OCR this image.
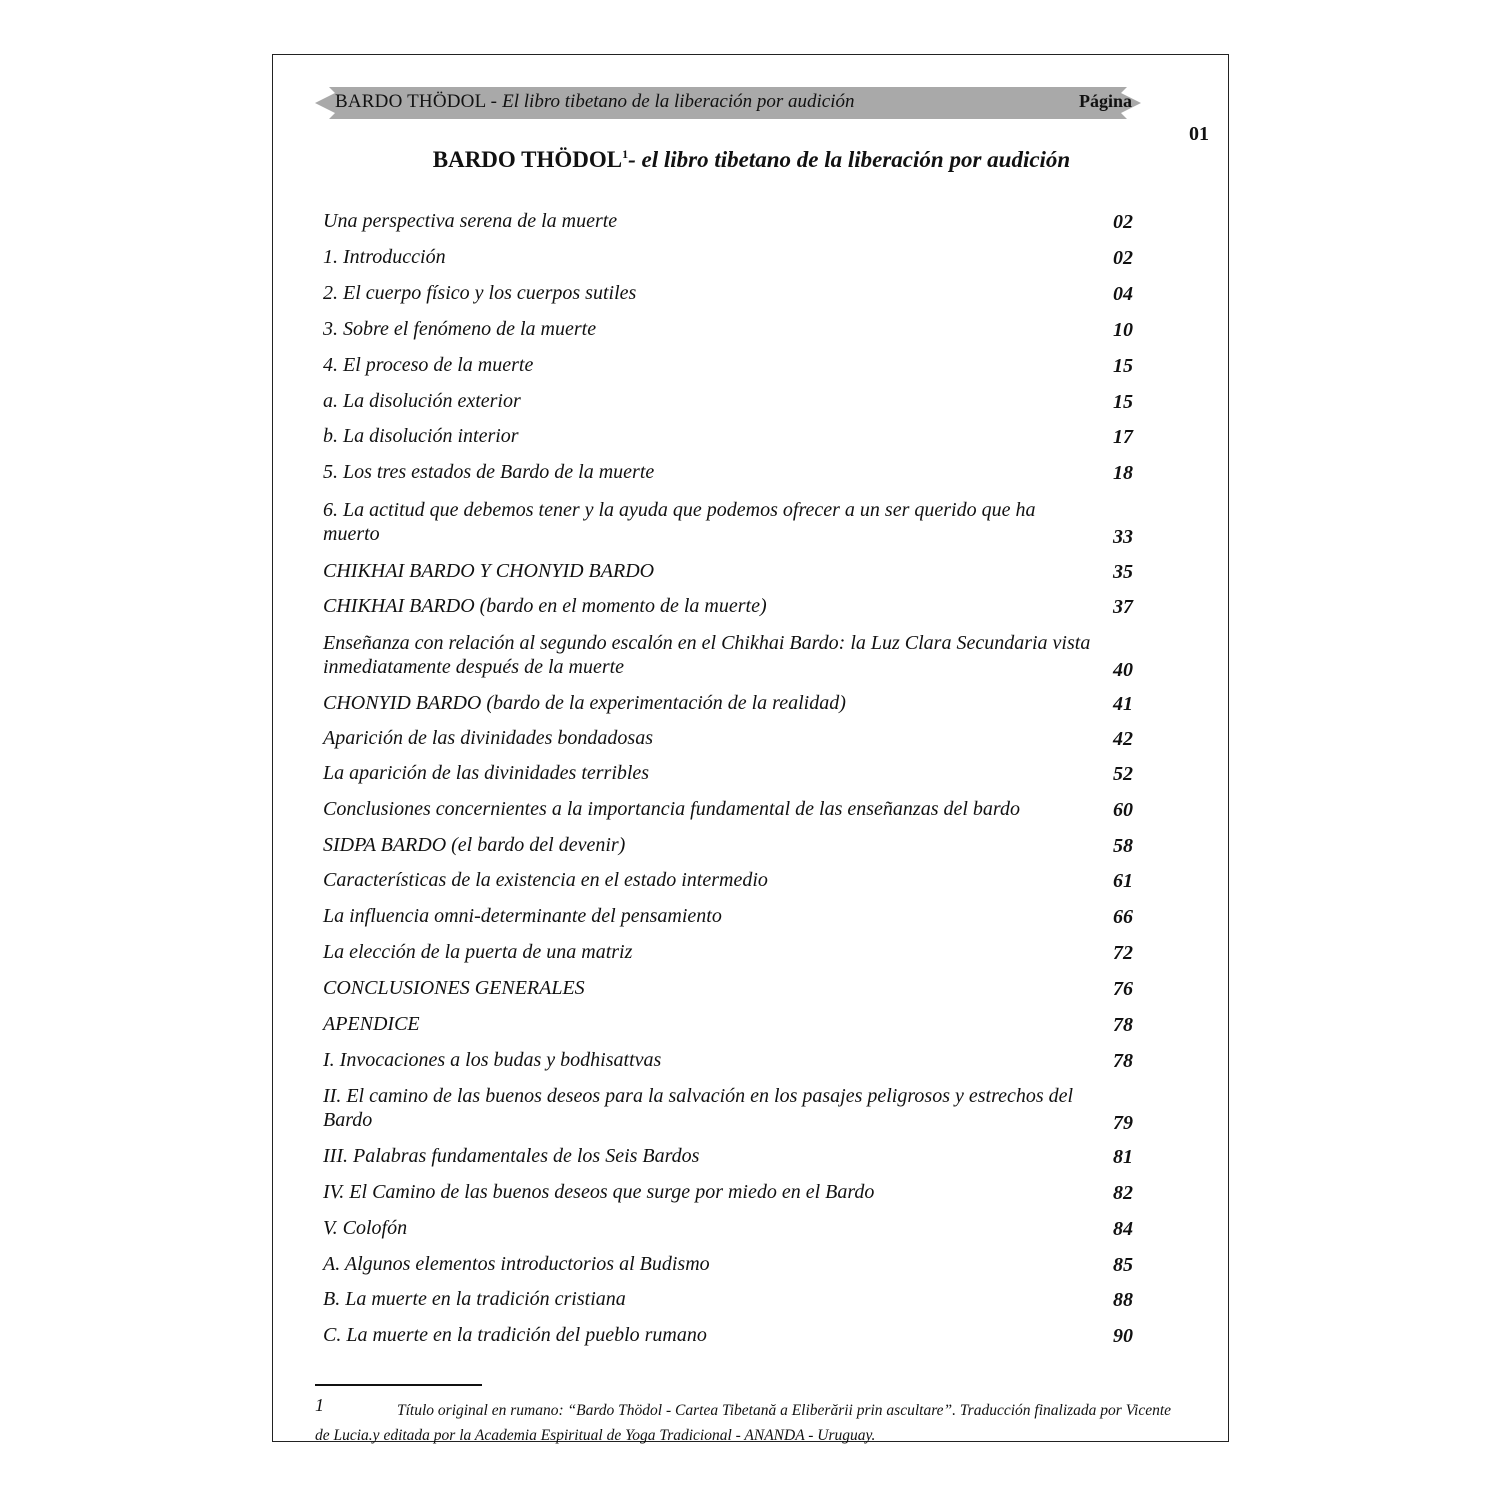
BARDO THÖDOL - El libro tibetano de la liberación por audición	Página
01
BARDO THÖDOL$^1$- el libro tibetano de la liberación por audición
Una perspectiva serena de la muerte	02
1. Introducción	02
2. El cuerpo físico y los cuerpos sutiles	04
3. Sobre el fenómeno de la muerte	10
4. El proceso de la muerte	15
a. La disolución exterior	15
b. La disolución interior	17
5. Los tres estados de Bardo de la muerte	18
6. La actitud que debemos tener y la ayuda que podemos ofrecer a un ser querido que ha muerto	33
CHIKHAI BARDO Y CHONYID BARDO	35
CHIKHAI BARDO (bardo en el momento de la muerte)	37
Enseñanza con relación al segundo escalón en el Chikhai Bardo: la Luz Clara Secundaria vista inmediatamente después de la muerte	40
CHONYID BARDO (bardo de la experimentación de la realidad)	41
Aparición de las divinidades bondadosas	42
La aparición de las divinidades terribles	52
Conclusiones concernientes a la importancia fundamental de las enseñanzas del bardo	60
SIDPA BARDO (el bardo del devenir)	58
Características de la existencia en el estado intermedio	61
La influencia omni-determinante del pensamiento	66
La elección de la puerta de una matriz	72
CONCLUSIONES GENERALES	76
APENDICE	78
I. Invocaciones a los budas y bodhisattvas	78
II. El camino de las buenos deseos para la salvación en los pasajes peligrosos y estrechos del Bardo	79
III. Palabras fundamentales de los Seis Bardos	81
IV. El Camino de las buenos deseos que surge por miedo en el Bardo	82
V. Colofón	84
A. Algunos elementos introductorios al Budismo	85
B. La muerte en la tradición cristiana	88
C. La muerte en la tradición del pueblo rumano	90
1	Título original en rumano: “Bardo Thödol - Cartea Tibetană a Eliberării prin ascultare”. Traducción finalizada por Vicente de Lucia.y editada por la Academia Espiritual de Yoga Tradicional - ANANDA - Uruguay.
